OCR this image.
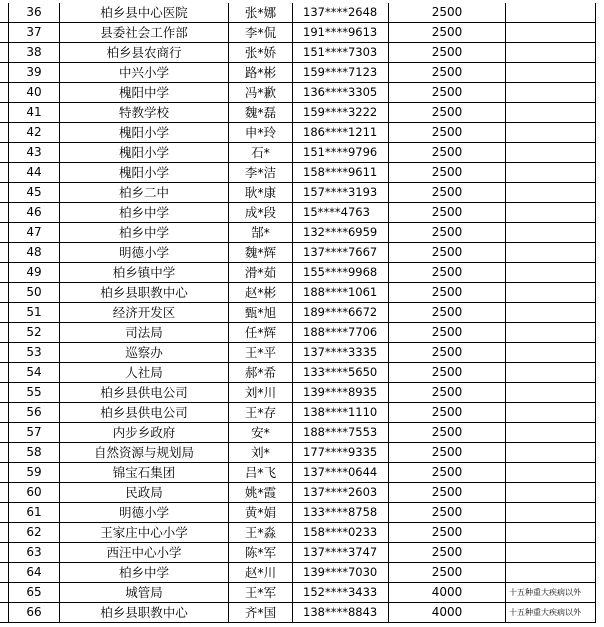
36	柏乡县中心医院	张*娜	137****2648	2500
37	县委社会工作部	李*侃	191****9613	2500
38	柏乡县农商行	张*娇	151****7303	2500
39	中兴小学	路*彬	159****7123	2500
40	槐阳中学	冯*歉	136****3305	2500
41	特教学校	魏*磊	159****3222	2500
42	槐阳小学	申*玲	186****1211	2500
43	槐阳小学	石*	151****9796	2500
44	槐阳小学	李*洁	158****9611	2500
45	柏乡二中	耿*康	157****3193	2500
46	柏乡中学	成*段	15****4763	2500
47	柏乡中学	郜*	132****6959	2500
48	明德小学	魏*辉	137****7667	2500
49	柏乡镇中学	滑*茹	155****9968	2500
50	柏乡县职教中心	赵*彬	188****1061	2500
51	经济开发区	甄*旭	189****6672	2500
52	司法局	任*辉	188****7706	2500
53	巡察办	王*平	137****3335	2500
54	人社局	郝*希	133****5650	2500
55	柏乡县供电公司	刘*川	139****8935	2500
56	柏乡县供电公司	王*存	138****1110	2500
57	内步乡政府	安*	188****7553	2500
58	自然资源与规划局	刘*	177****9335	2500
59	锦宝石集团	吕*飞	137****0644	2500
60	民政局	姚*霞	137****2603	2500
61	明德小学	黄*娟	133****8758	2500
62	王家庄中心小学	王*淼	158****0233	2500
63	西汪中心小学	陈*军	137****3747	2500
64	柏乡中学	赵*川	139****7030	2500
65	城管局	王*军	152****3433	4000	十五种重大疾病以外
66	柏乡县职教中心	齐*国	138****8843	4000	十五种重大疾病以外
